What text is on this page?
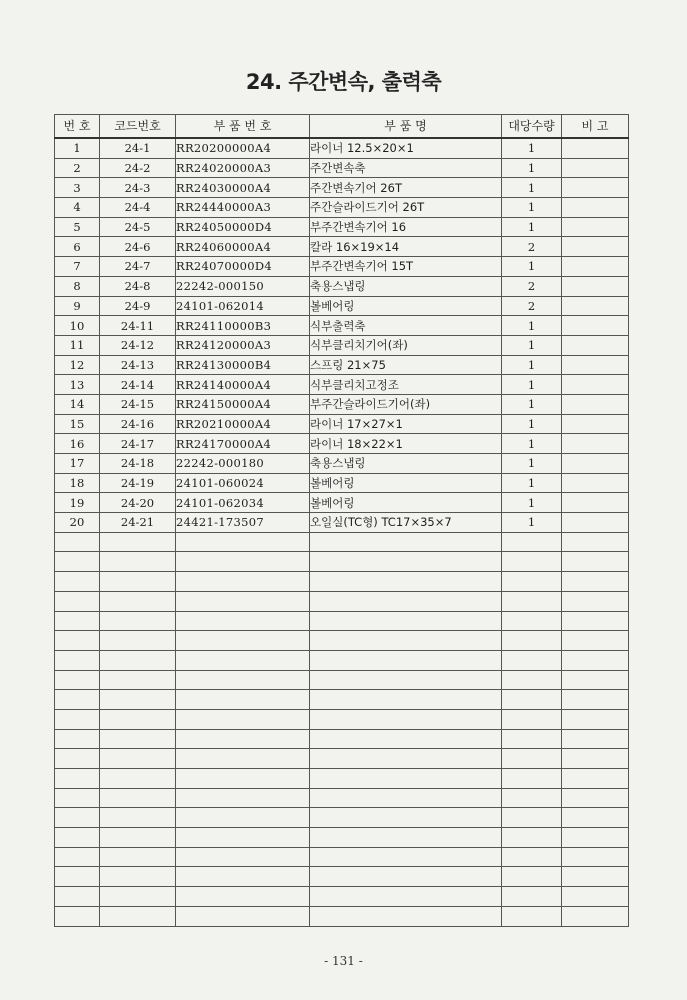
24. 주간변속, 출력축
번 호	코드번호	부 품 번 호	부 품 명	대당수량	비 고
1	24-1	RR20200000A4	라이너 12.5×20×1	1	
2	24-2	RR24020000A3	주간변속축	1	
3	24-3	RR24030000A4	주간변속기어 26T	1	
4	24-4	RR24440000A3	주간슬라이드기어 26T	1	
5	24-5	RR24050000D4	부주간변속기어 16	1	
6	24-6	RR24060000A4	칼라 16×19×14	2	
7	24-7	RR24070000D4	부주간변속기어 15T	1	
8	24-8	22242-000150	축용스냅링	2	
9	24-9	24101-062014	볼베어링	2	
10	24-11	RR24110000B3	식부출력축	1	
11	24-12	RR24120000A3	식부클리치기어(좌)	1	
12	24-13	RR24130000B4	스프링 21×75	1	
13	24-14	RR24140000A4	식부클리치고정조	1	
14	24-15	RR24150000A4	부주간슬라이드기어(좌)	1	
15	24-16	RR20210000A4	라이너 17×27×1	1	
16	24-17	RR24170000A4	라이너 18×22×1	1	
17	24-18	22242-000180	축용스냅링	1	
18	24-19	24101-060024	볼베어링	1	
19	24-20	24101-062034	볼베어링	1	
20	24-21	24421-173507	오일실(TC형) TC17×35×7	1	

- 131 -
